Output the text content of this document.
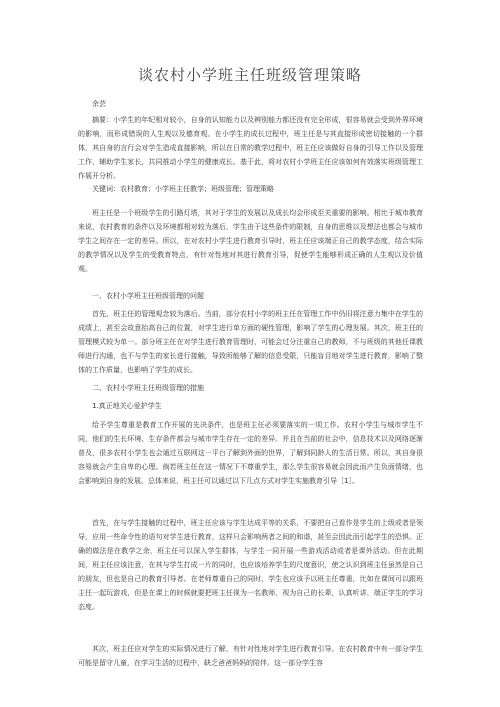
谈农村小学班主任班级管理策略
余芸
摘要：小学生的年纪相对较小，自身的认知能力以及辨别能力都还没有完全形成，很容易就会受到外界环境的影响，而形成错误的人生观以及德育观。在小学生的成长过程中，班主任是与其直接形成密切接触的一个群体，其自身的言行会对学生造成直接影响，所以在日常的教学过程中，班主任应该做好自身的引导工作以及管理工作，辅助学生家长，共同推动小学生的健康成长。基于此，将对农村小学班主任应该如何有效落实班级管理工作展开分析。
关键词：农村教育；小学班主任教学；班级管理；管理策略
班主任是一个班级学生的引路灯塔，其对于学生的发展以及成长均会形成至关重要的影响。相比于城市教育来说，农村教育的条件以及环境都相对较为落后，学生由于这些条件的限制，自身的思维以及想法也都会与城市学生之间存在一定的差异。所以，在对农村小学生进行教育引导时，班主任应该端正自己的教学态度，结合实际的教学情况以及学生的受教育特点，有针对性地对其进行教育引导，促使学生能够形成正确的人生观以及价值观。
一、农村小学班主任班级管理的问题
首先，班主任的管理观念较为落后。当前，部分农村小学的班主任在管理工作中仍旧将注意力集中在学生的成绩上，甚至会故意抬高自己的位置，对学生进行单方面的硬性管理，影响了学生的心理发展。其次，班主任的管理模式较为单一。部分班主任在对学生进行教育管理时，可能会过分注重自己的教师，不与班级的其他任课教师进行沟通，也不与学生的家长进行接触，导致所能够了解的信息受限，只能盲目地对学生进行教育，影响了整体的工作质量，也影响了学生的成长。
二、农村小学班主任班级管理的措施
1.真正地关心爱护学生
给予学生尊重是教育工作开展的先决条件，也是班主任必须要落实的一项工作。农村小学生与城市学生不同，他们的生长环境、生存条件都会与城市学生存在一定的差异。并且在当前的社会中，信息技术以及网络逐渐普及，很多农村小学生也会通过互联网这一平台了解到外面的世界，了解到同龄人的生活日常。所以，其自身很容易就会产生自卑的心理。倘若班主任在这一情况下不尊重学生，那么学生很容易就会因此而产生负面情绪，也会影响到自身的发展。总体来说，班主任可以通过以下几点方式对学生实施教育引导［1］。
首先，在与学生接触的过程中，班主任应该与学生达成平等的关系，不要把自己看作是学生的上级或者是领导，应用一些命令性的语句对学生进行教育，这样只会影响两者之间的和谐，甚至会因此而引起学生的恐惧。正确的做法是在教学之余，班主任可以深入学生群体，与学生一同开展一些游戏活动或者是课外活动。但在此期间，班主任应该注意，在其与学生打成一片的同时，也应该培养学生的尺度意识，使之认识到班主任虽然是自己的朋友，但也是自己的教育引导者。在老师尊重自己的同时，学生也应该予以班主任尊重，比如在课间可以跟班主任一起玩游戏，但是在课上的时候就要把班主任视为一名教师，视为自己的长辈，认真听讲，端正学生的学习态度。
其次，班主任应对学生的实际情况进行了解，有针对性地对学生进行教育引导。在农村教育中有一部分学生可能是留守儿童，在学习生活的过程中，缺乏爸爸妈妈的陪伴。这一部分学生容
